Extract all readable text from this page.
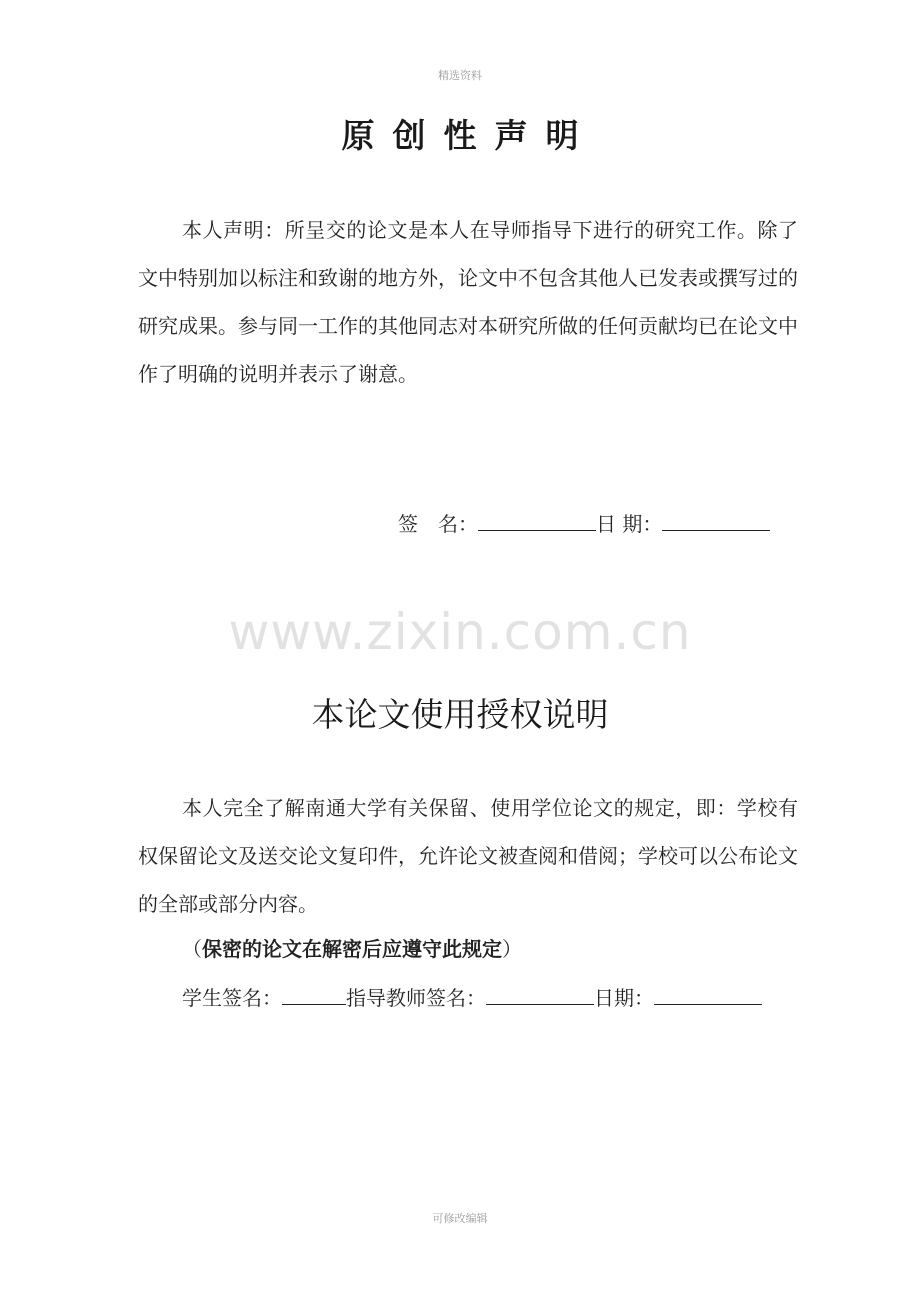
精选资料
原创性声明
本人声明：所呈交的论文是本人在导师指导下进行的研究工作。除了文中特别加以标注和致谢的地方外，论文中不包含其他人已发表或撰写过的研究成果。参与同一工作的其他同志对本研究所做的任何贡献均已在论文中作了明确的说明并表示了谢意。
签　名：	日 期：
www.zixin.com.cn
本论文使用授权说明
本人完全了解南通大学有关保留、使用学位论文的规定，即：学校有权保留论文及送交论文复印件，允许论文被查阅和借阅；学校可以公布论文的全部或部分内容。
（保密的论文在解密后应遵守此规定）
学生签名：	指导教师签名：	日期：
可修改编辑
